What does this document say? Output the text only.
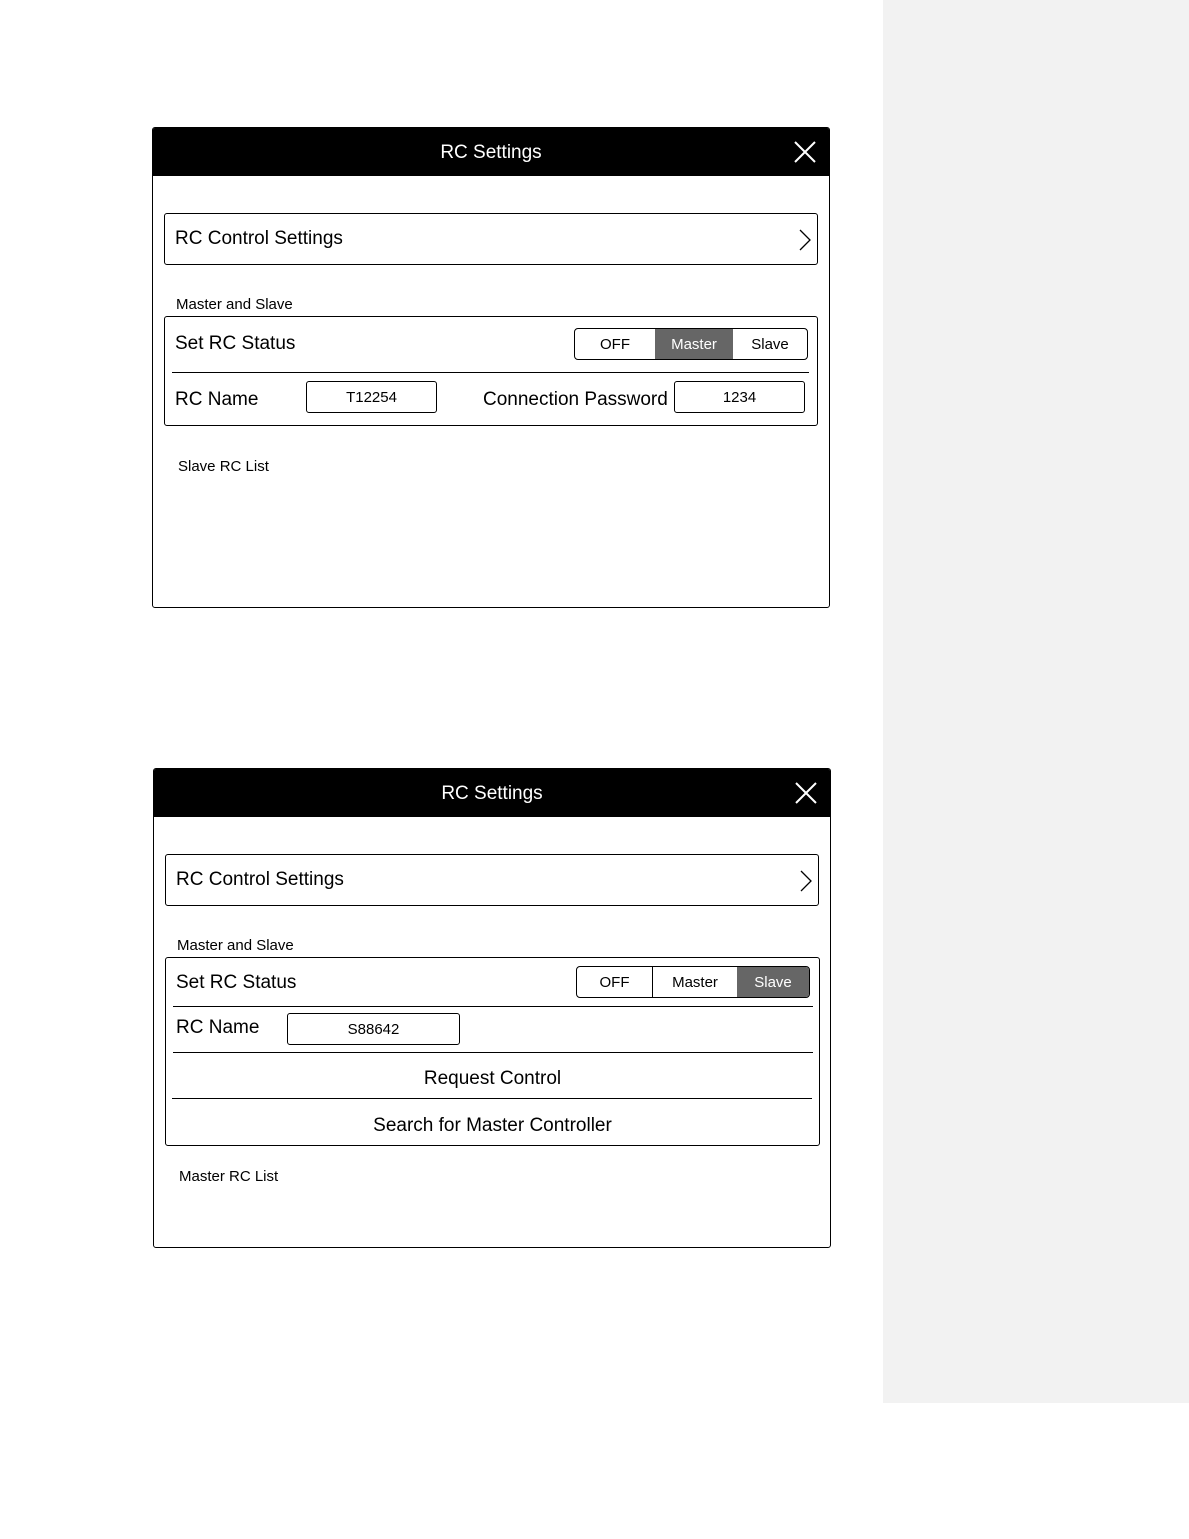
RC Settings
RC Control Settings
Master and Slave
Set RC Status	OFF	Master	Slave
RC Name	T12254	Connection Password	1234
Slave RC List
RC Settings
RC Control Settings
Master and Slave
Set RC Status	OFF	Master	Slave
RC Name	S88642
Request Control
Search for Master Controller
Master RC List
